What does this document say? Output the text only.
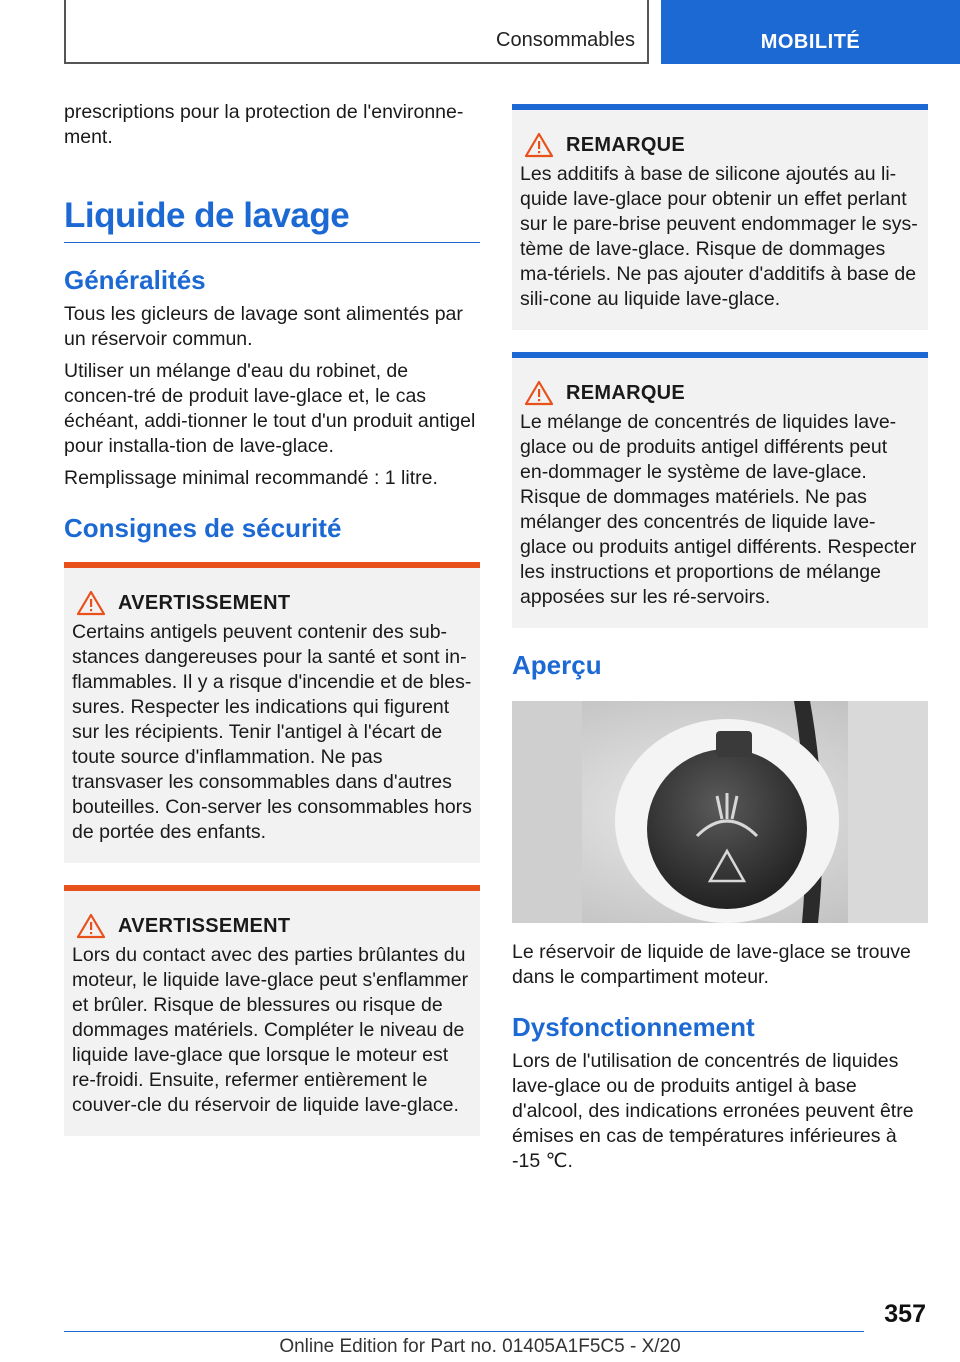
Consommables	MOBILITÉ

prescriptions pour la protection de l'environne-ment.

Liquide de lavage
Généralités

Tous les gicleurs de lavage sont alimentés par un réservoir commun.

Utiliser un mélange d'eau du robinet, de concen-tré de produit lave-glace et, le cas échéant, addi-tionner le tout d'un produit antigel pour installa-tion de lave-glace.

Remplissage minimal recommandé : 1 litre.

Consignes de sécurité
AVERTISSEMENT

Certains antigels peuvent contenir des sub-stances dangereuses pour la santé et sont in-flammables. Il y a risque d'incendie et de bles-sures. Respecter les indications qui figurent sur les récipients. Tenir l'antigel à l'écart de toute source d'inflammation. Ne pas transvaser les consommables dans d'autres bouteilles. Con-server les consommables hors de portée des enfants.

AVERTISSEMENT

Lors du contact avec des parties brûlantes du moteur, le liquide lave-glace peut s'enflammer et brûler. Risque de blessures ou risque de dommages matériels. Compléter le niveau de liquide lave-glace que lorsque le moteur est re-froidi. Ensuite, refermer entièrement le couver-cle du réservoir de liquide lave-glace.

REMARQUE

Les additifs à base de silicone ajoutés au li-quide lave-glace pour obtenir un effet perlant sur le pare-brise peuvent endommager le sys-tème de lave-glace. Risque de dommages ma-tériels. Ne pas ajouter d'additifs à base de sili-cone au liquide lave-glace.

REMARQUE

Le mélange de concentrés de liquides lave-glace ou de produits antigel différents peut en-dommager le système de lave-glace. Risque de dommages matériels. Ne pas mélanger des concentrés de liquide lave-glace ou produits antigel différents. Respecter les instructions et proportions de mélange apposées sur les ré-servoirs.

Aperçu

Le réservoir de liquide de lave-glace se trouve dans le compartiment moteur.

Dysfonctionnement

Lors de l'utilisation de concentrés de liquides lave-glace ou de produits antigel à base d'alcool, des indications erronées peuvent être émises en cas de températures inférieures à -15 ℃.

357
Online Edition for Part no. 01405A1F5C5 - X/20
